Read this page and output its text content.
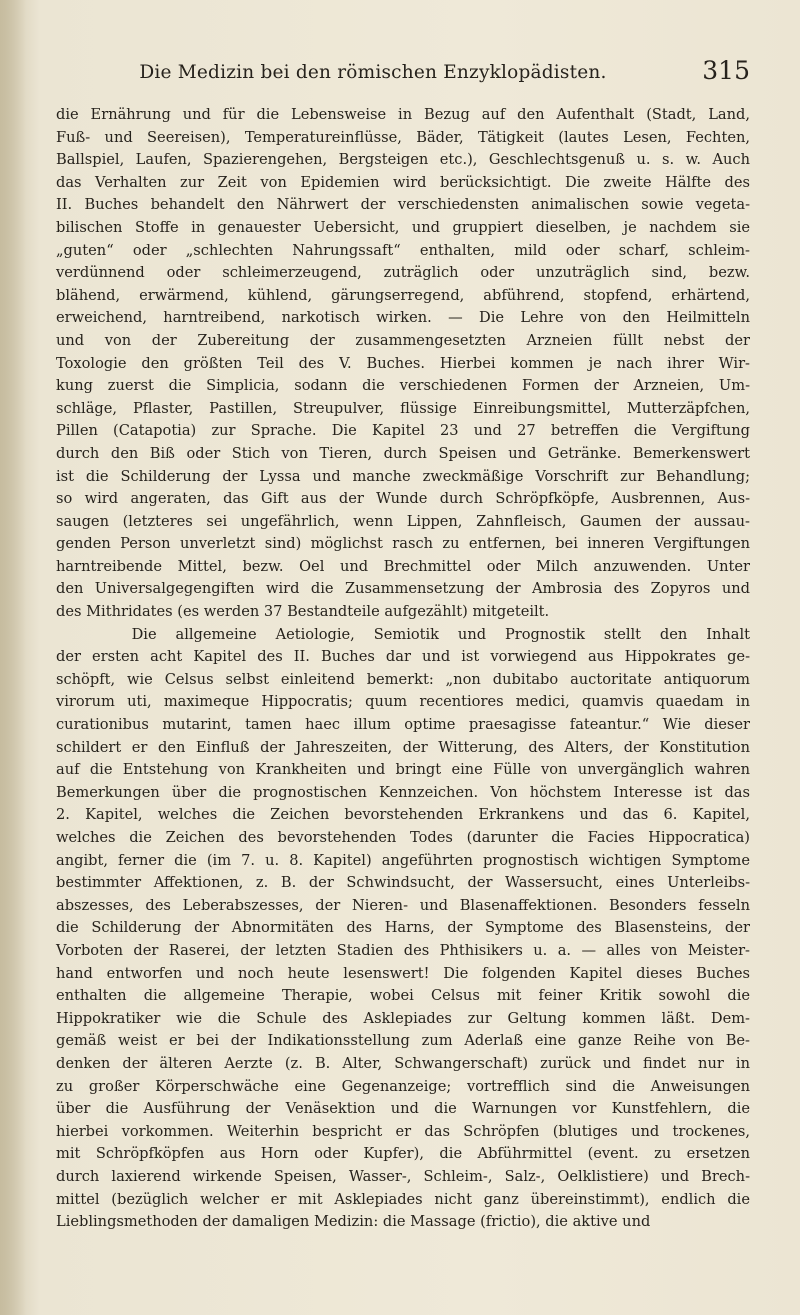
Die Medizin bei den römischen Enzyklopädisten.	315

die Ernährung und für die Lebensweise in Bezug auf den Aufenthalt (Stadt, Land,

Fuß- und Seereisen), Temperatureinflüsse, Bäder, Tätigkeit (lautes Lesen, Fechten,

Ballspiel, Laufen, Spazierengehen, Bergsteigen etc.), Geschlechtsgenuß u. s. w. Auch

das Verhalten zur Zeit von Epidemien wird berücksichtigt. Die zweite Hälfte des

II. Buches behandelt den Nährwert der verschiedensten animalischen sowie vegeta-

bilischen Stoffe in genauester Uebersicht, und gruppiert dieselben, je nachdem sie

„guten“ oder „schlechten Nahrungssaft“ enthalten, mild oder scharf, schleim-

verdünnend oder schleimerzeugend, zuträglich oder unzuträglich sind, bezw.

blähend, erwärmend, kühlend, gärungserregend, abführend, stopfend, erhärtend,

erweichend, harntreibend, narkotisch wirken. — Die Lehre von den Heilmitteln

und von der Zubereitung der zusammengesetzten Arzneien füllt nebst der

Toxologie den größten Teil des V. Buches. Hierbei kommen je nach ihrer Wir-

kung zuerst die Simplicia, sodann die verschiedenen Formen der Arzneien, Um-

schläge, Pflaster, Pastillen, Streupulver, flüssige Einreibungsmittel, Mutterzäpfchen,

Pillen (Catapotia) zur Sprache. Die Kapitel 23 und 27 betreffen die Vergiftung

durch den Biß oder Stich von Tieren, durch Speisen und Getränke. Bemerkenswert

ist die Schilderung der Lyssa und manche zweckmäßige Vorschrift zur Behandlung;

so wird angeraten, das Gift aus der Wunde durch Schröpfköpfe, Ausbrennen, Aus-

saugen (letzteres sei ungefährlich, wenn Lippen, Zahnfleisch, Gaumen der aussau-

genden Person unverletzt sind) möglichst rasch zu entfernen, bei inneren Vergiftungen

harntreibende Mittel, bezw. Oel und Brechmittel oder Milch anzuwenden. Unter

den Universalgegengiften wird die Zusammensetzung der Ambrosia des Zopyros und

des Mithridates (es werden 37 Bestandteile aufgezählt) mitgeteilt.

Die allgemeine Aetiologie, Semiotik und Prognostik stellt den Inhalt

der ersten acht Kapitel des II. Buches dar und ist vorwiegend aus Hippokrates ge-

schöpft, wie Celsus selbst einleitend bemerkt: „non dubitabo auctoritate antiquorum

virorum uti, maximeque Hippocratis; quum recentiores medici, quamvis quaedam in

curationibus mutarint, tamen haec illum optime praesagisse fateantur.“ Wie dieser

schildert er den Einfluß der Jahreszeiten, der Witterung, des Alters, der Konstitution

auf die Entstehung von Krankheiten und bringt eine Fülle von unvergänglich wahren

Bemerkungen über die prognostischen Kennzeichen. Von höchstem Interesse ist das

2. Kapitel, welches die Zeichen bevorstehenden Erkrankens und das 6. Kapitel,

welches die Zeichen des bevorstehenden Todes (darunter die Facies Hippocratica)

angibt, ferner die (im 7. u. 8. Kapitel) angeführten prognostisch wichtigen Symptome

bestimmter Affektionen, z. B. der Schwindsucht, der Wassersucht, eines Unterleibs-

abszesses, des Leberabszesses, der Nieren- und Blasenaffektionen. Besonders fesseln

die Schilderung der Abnormitäten des Harns, der Symptome des Blasensteins, der

Vorboten der Raserei, der letzten Stadien des Phthisikers u. a. — alles von Meister-

hand entworfen und noch heute lesenswert! Die folgenden Kapitel dieses Buches

enthalten die allgemeine Therapie, wobei Celsus mit feiner Kritik sowohl die

Hippokratiker wie die Schule des Asklepiades zur Geltung kommen läßt. Dem-

gemäß weist er bei der Indikationsstellung zum Aderlaß eine ganze Reihe von Be-

denken der älteren Aerzte (z. B. Alter, Schwangerschaft) zurück und findet nur in

zu großer Körperschwäche eine Gegenanzeige; vortrefflich sind die Anweisungen

über die Ausführung der Venäsektion und die Warnungen vor Kunstfehlern, die

hierbei vorkommen. Weiterhin bespricht er das Schröpfen (blutiges und trockenes,

mit Schröpfköpfen aus Horn oder Kupfer), die Abführmittel (event. zu ersetzen

durch laxierend wirkende Speisen, Wasser-, Schleim-, Salz-, Oelklistiere) und Brech-

mittel (bezüglich welcher er mit Asklepiades nicht ganz übereinstimmt), endlich die

Lieblingsmethoden der damaligen Medizin: die Massage (frictio), die aktive und
